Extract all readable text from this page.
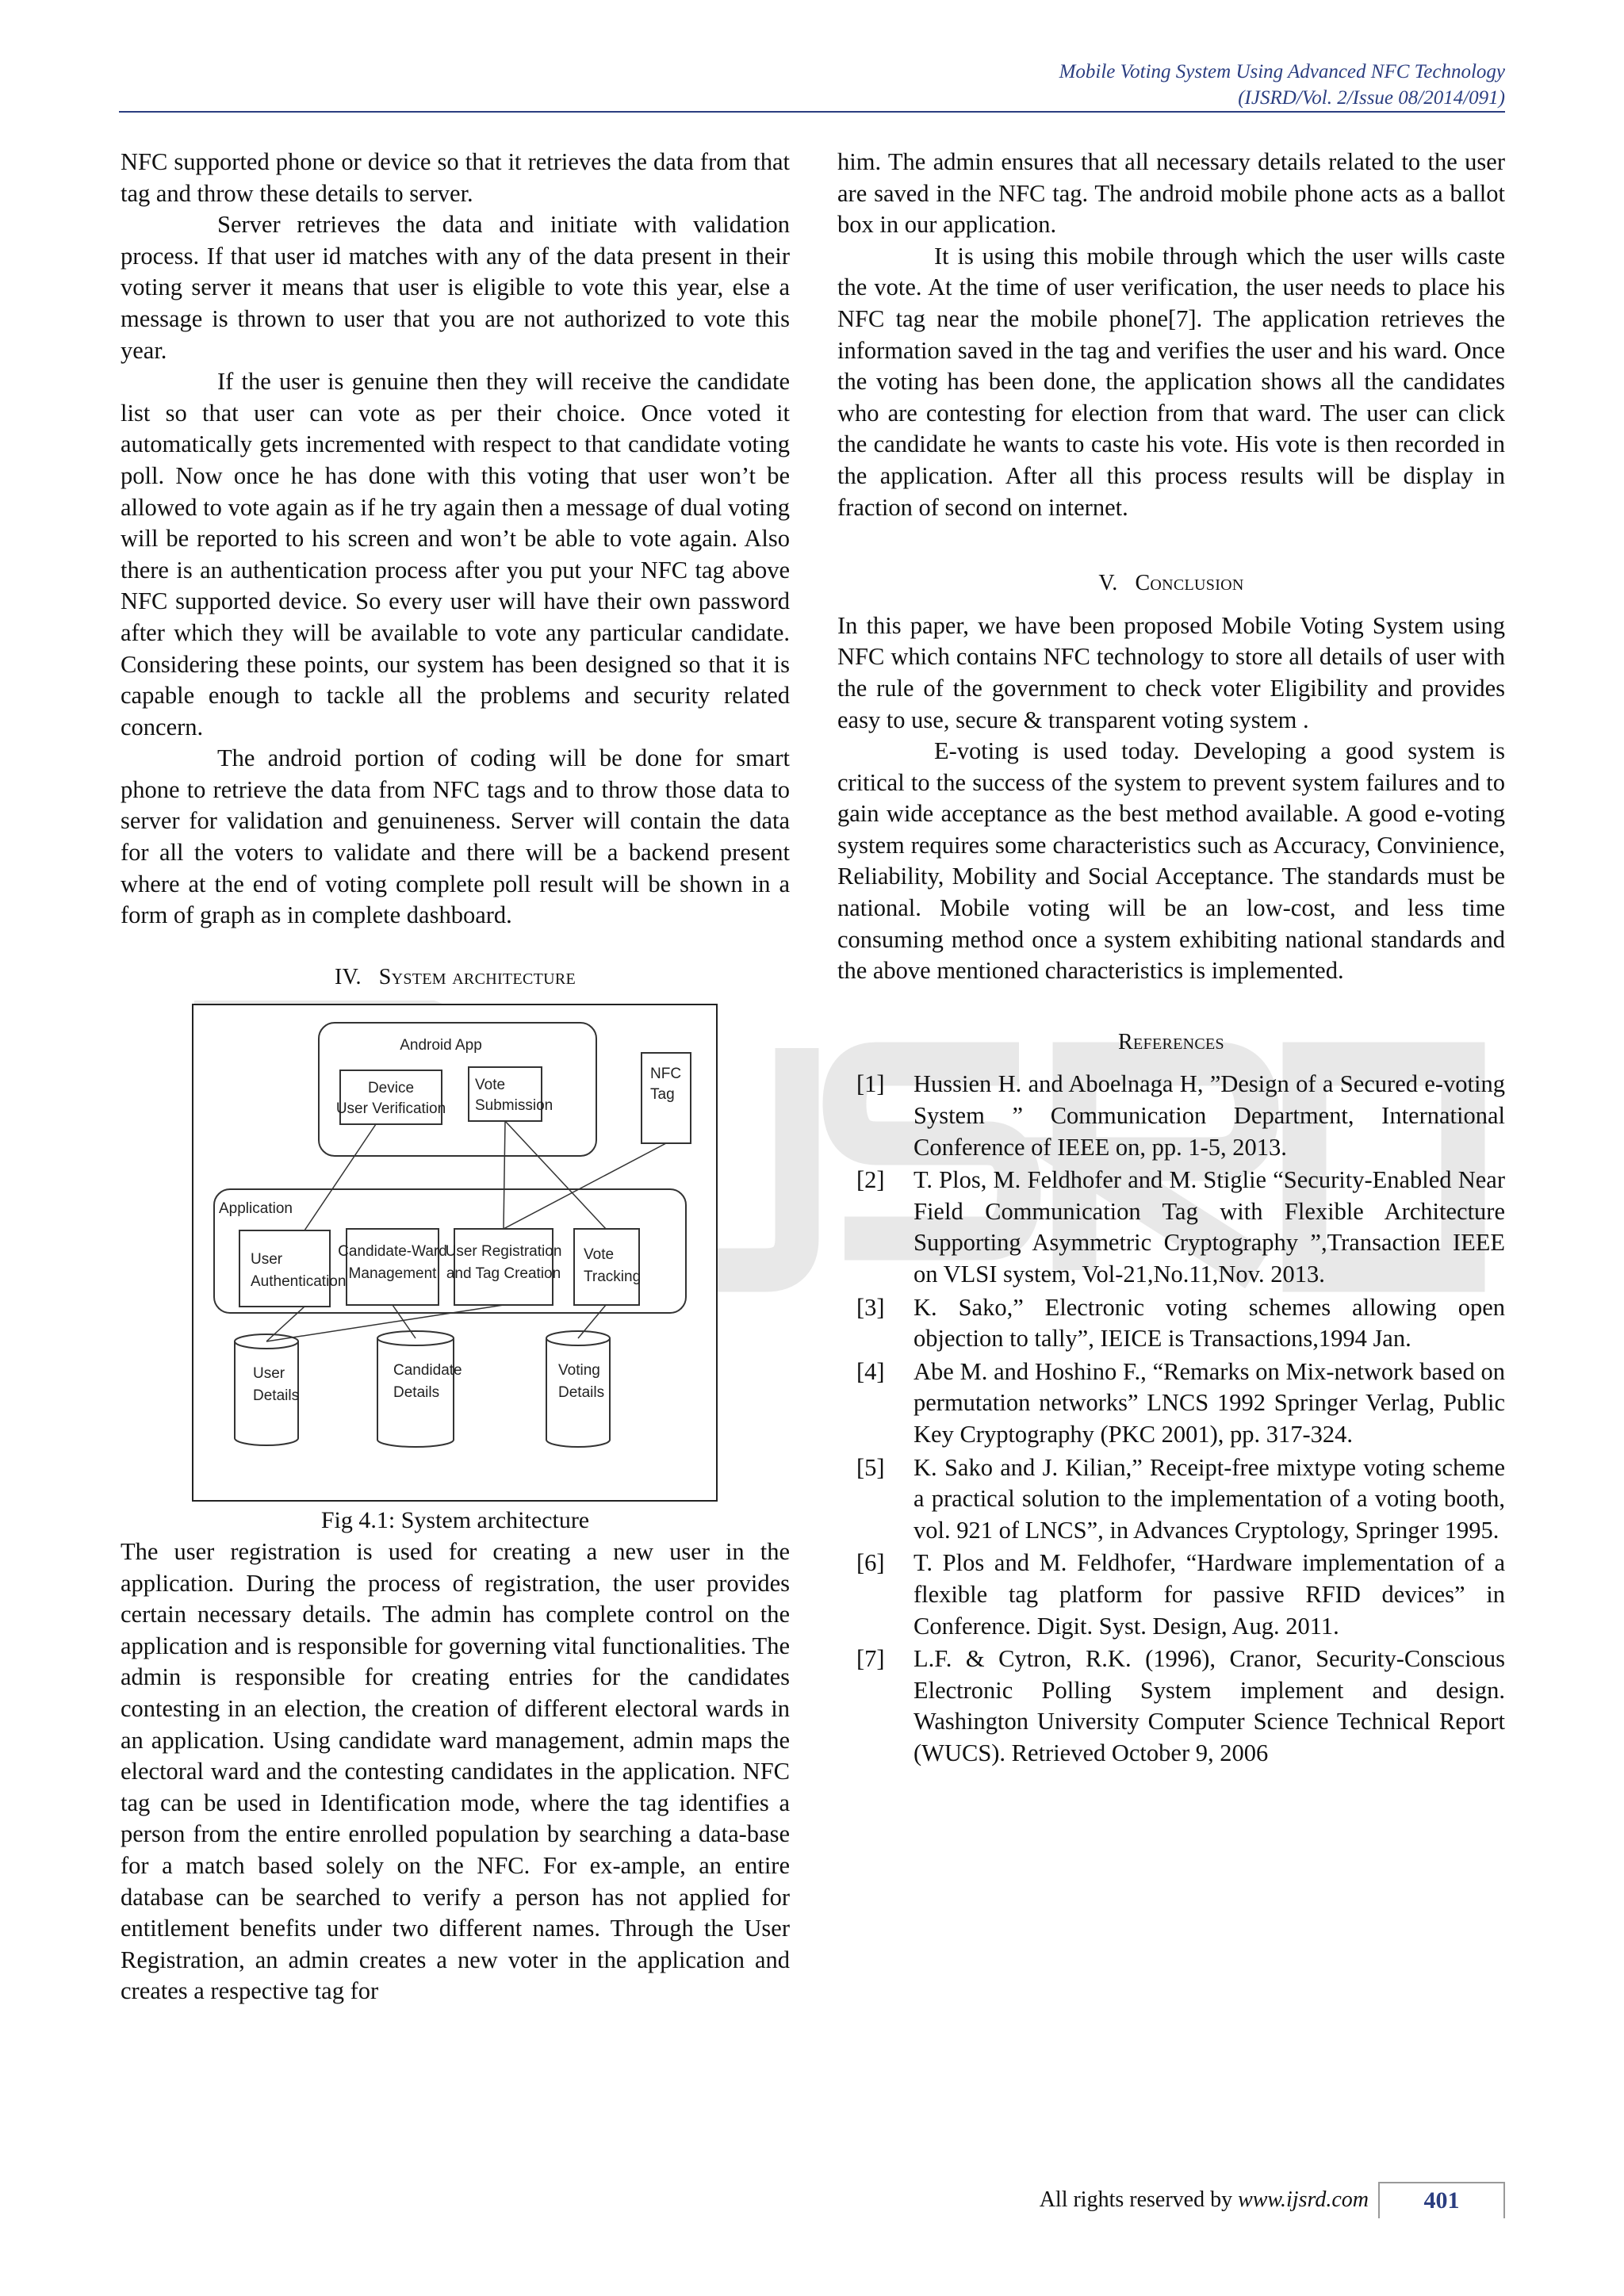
Mobile Voting System Using Advanced NFC Technology
(IJSRD/Vol. 2/Issue 08/2014/091)

NFC supported phone or device so that it retrieves the data from that tag and throw these details to server.

Server retrieves the data and initiate with validation process. If that user id matches with any of the data present in their voting server it means that user is eligible to vote this year, else a message is thrown to user that you are not authorized to vote this year.

If the user is genuine then they will receive the candidate list so that user can vote as per their choice. Once voted it automatically gets incremented with respect to that candidate voting poll. Now once he has done with this voting that user won’t be allowed to vote again as if he try again then a message of dual voting will be reported to his screen and won’t be able to vote again. Also there is an authentication process after you put your NFC tag above NFC supported device. So every user will have their own password after which they will be available to vote any particular candidate. Considering these points, our system has been designed so that it is capable enough to tackle all the problems and security related concern.

The android portion of coding will be done for smart phone to retrieve the data from NFC tags and to throw those data to server for validation and genuineness. Server will contain the data for all the voters to validate and there will be a backend present where at the end of voting complete poll result will be shown in a form of graph as in complete dashboard.

IV. System architecture
Android App
Device
User Verification
Vote
Submission
NFC
Tag
Application
User
Authentication
Candidate-Ward
Management
User Registration
and Tag Creation
Vote
Tracking
User
Details
Candidate
Details
Voting
Details
Fig 4.1: System architecture

The user registration is used for creating a new user in the application. During the process of registration, the user provides certain necessary details. The admin has complete control on the application and is responsible for governing vital functionalities. The admin is responsible for creating entries for the candidates contesting in an election, the creation of different electoral wards in an application. Using candidate ward management, admin maps the electoral ward and the contesting candidates in the application. NFC tag can be used in Identification mode, where the tag identifies a person from the entire enrolled population by searching a data-base for a match based solely on the NFC. For ex-ample, an entire database can be searched to verify a person has not applied for entitlement benefits under two different names. Through the User Registration, an admin creates a new voter in the application and creates a respective tag for

him. The admin ensures that all necessary details related to the user are saved in the NFC tag. The android mobile phone acts as a ballot box in our application.

It is using this mobile through which the user wills caste the vote. At the time of user verification, the user needs to place his NFC tag near the mobile phone[7]. The application retrieves the information saved in the tag and verifies the user and his ward. Once the voting has been done, the application shows all the candidates who are contesting for election from that ward. The user can click the candidate he wants to caste his vote. His vote is then recorded in the application. After all this process results will be display in fraction of second on internet.

V. Conclusion

In this paper, we have been proposed Mobile Voting System using NFC which contains NFC technology to store all details of user with the rule of the government to check voter Eligibility and provides easy to use, secure & transparent voting system .

E-voting is used today. Developing a good system is critical to the success of the system to prevent system failures and to gain wide acceptance as the best method available. A good e-voting system requires some characteristics such as Accuracy, Convinience, Reliability, Mobility and Social Acceptance. The standards must be national. Mobile voting will be an low-cost, and less time consuming method once a system exhibiting national standards and the above mentioned characteristics is implemented.

References
[1] Hussien H. and Aboelnaga H, ”Design of a Secured e-voting System ” Communication Department, International Conference of IEEE on, pp. 1-5, 2013.
[2] T. Plos, M. Feldhofer and M. Stiglie “Security-Enabled Near Field Communication Tag with Flexible Architecture Supporting Asymmetric Cryptography ”,Transaction IEEE on VLSI system, Vol-21,No.11,Nov. 2013.
[3] K. Sako,” Electronic voting schemes allowing open objection to tally”, IEICE is Transactions,1994 Jan.
[4] Abe M. and Hoshino F., “Remarks on Mix-network based on permutation networks” LNCS 1992 Springer Verlag, Public Key Cryptography (PKC 2001), pp. 317-324.
[5] K. Sako and J. Kilian,” Receipt-free mixtype voting scheme a practical solution to the implementation of a voting booth, vol. 921 of LNCS”, in Advances Cryptology, Springer 1995.
[6] T. Plos and M. Feldhofer, “Hardware implementation of a flexible tag platform for passive RFID devices” in Conference. Digit. Syst. Design, Aug. 2011.
[7] L.F. & Cytron, R.K. (1996), Cranor, Security-Conscious Electronic Polling System implement and design. Washington University Computer Science Technical Report (WUCS). Retrieved October 9, 2006
All rights reserved by www.ijsrd.com	401
